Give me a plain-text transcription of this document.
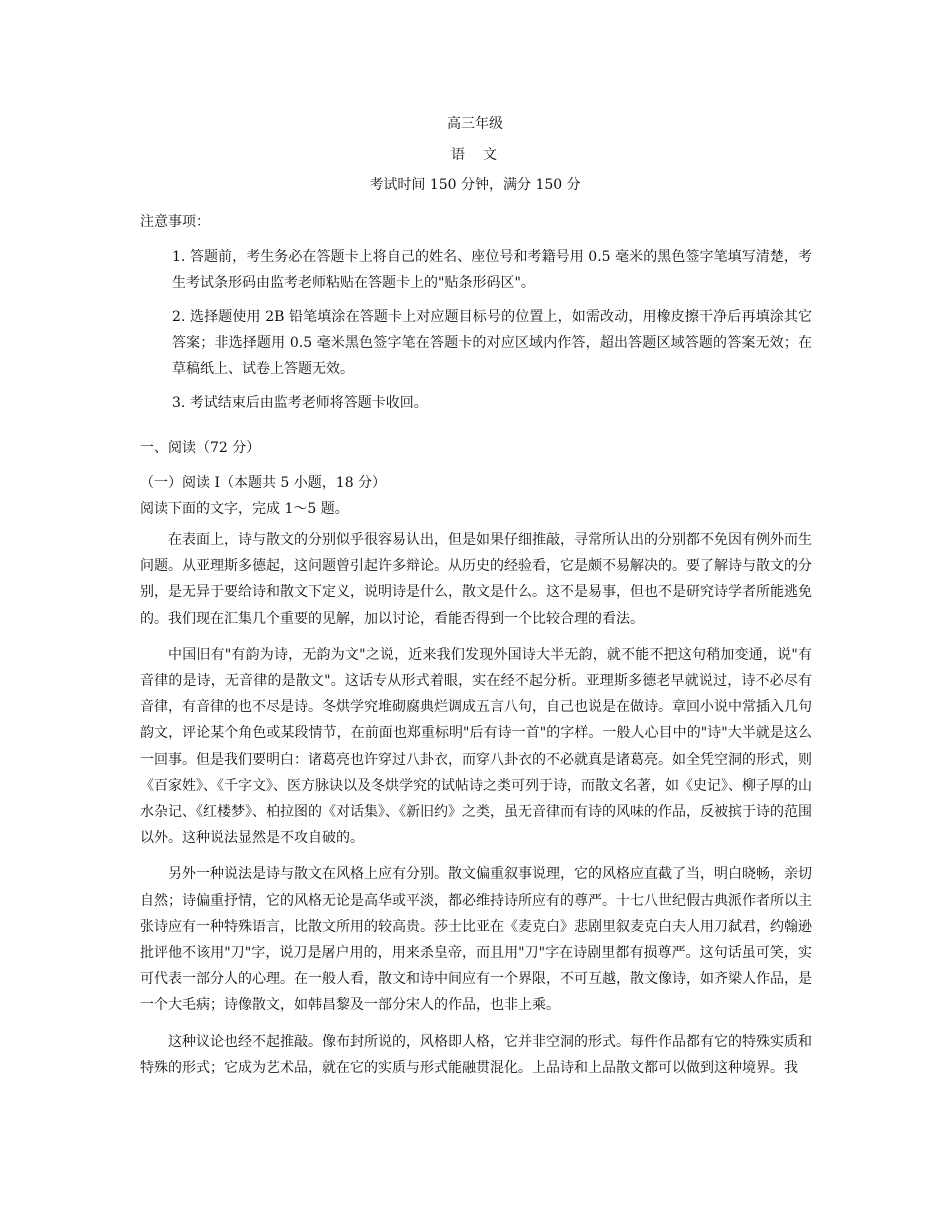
高三年级
语　文
考试时间 150 分钟，满分 150 分
注意事项：
1. 答题前，考生务必在答题卡上将自己的姓名、座位号和考籍号用 0.5 毫米的黑色签字笔填写清楚，考生考试条形码由监考老师粘贴在答题卡上的"贴条形码区"。
2. 选择题使用 2B 铅笔填涂在答题卡上对应题目标号的位置上，如需改动，用橡皮擦干净后再填涂其它答案；非选择题用 0.5 毫米黑色签字笔在答题卡的对应区域内作答，超出答题区域答题的答案无效；在草稿纸上、试卷上答题无效。
3. 考试结束后由监考老师将答题卡收回。
一、阅读（72 分）
（一）阅读 I（本题共 5 小题，18 分）
阅读下面的文字，完成 1～5 题。

在表面上，诗与散文的分别似乎很容易认出，但是如果仔细推敲，寻常所认出的分别都不免因有例外而生问题。从亚理斯多德起，这问题曾引起许多辩论。从历史的经验看，它是颇不易解决的。要了解诗与散文的分别，是无异于要给诗和散文下定义，说明诗是什么，散文是什么。这不是易事，但也不是研究诗学者所能逃免的。我们现在汇集几个重要的见解，加以讨论，看能否得到一个比较合理的看法。

中国旧有"有韵为诗，无韵为文"之说，近来我们发现外国诗大半无韵，就不能不把这句稍加变通，说"有音律的是诗，无音律的是散文"。这话专从形式着眼，实在经不起分析。亚理斯多德老早就说过，诗不必尽有音律，有音律的也不尽是诗。冬烘学究堆砌腐典烂调成五言八句，自己也说是在做诗。章回小说中常插入几句韵文，评论某个角色或某段情节，在前面也郑重标明"后有诗一首"的字样。一般人心目中的"诗"大半就是这么一回事。但是我们要明白：诸葛亮也许穿过八卦衣，而穿八卦衣的不必就真是诸葛亮。如全凭空洞的形式，则《百家姓》、《千字文》、医方脉诀以及冬烘学究的试帖诗之类可列于诗，而散文名著，如《史记》、柳子厚的山水杂记、《红楼梦》、柏拉图的《对话集》、《新旧约》之类，虽无音律而有诗的风味的作品，反被摈于诗的范围以外。这种说法显然是不攻自破的。

另外一种说法是诗与散文在风格上应有分别。散文偏重叙事说理，它的风格应直截了当，明白晓畅，亲切自然；诗偏重抒情，它的风格无论是高华或平淡，都必维持诗所应有的尊严。十七八世纪假古典派作者所以主张诗应有一种特殊语言，比散文所用的较高贵。莎士比亚在《麦克白》悲剧里叙麦克白夫人用刀弑君，约翰逊批评他不该用"刀"字，说刀是屠户用的，用来杀皇帝，而且用"刀"字在诗剧里都有损尊严。这句话虽可笑，实可代表一部分人的心理。在一般人看，散文和诗中间应有一个界限，不可互越，散文像诗，如齐梁人作品，是一个大毛病；诗像散文，如韩昌黎及一部分宋人的作品，也非上乘。

这种议论也经不起推敲。像布封所说的，风格即人格，它并非空洞的形式。每件作品都有它的特殊实质和特殊的形式；它成为艺术品，就在它的实质与形式能融贯混化。上品诗和上品散文都可以做到这种境界。我
